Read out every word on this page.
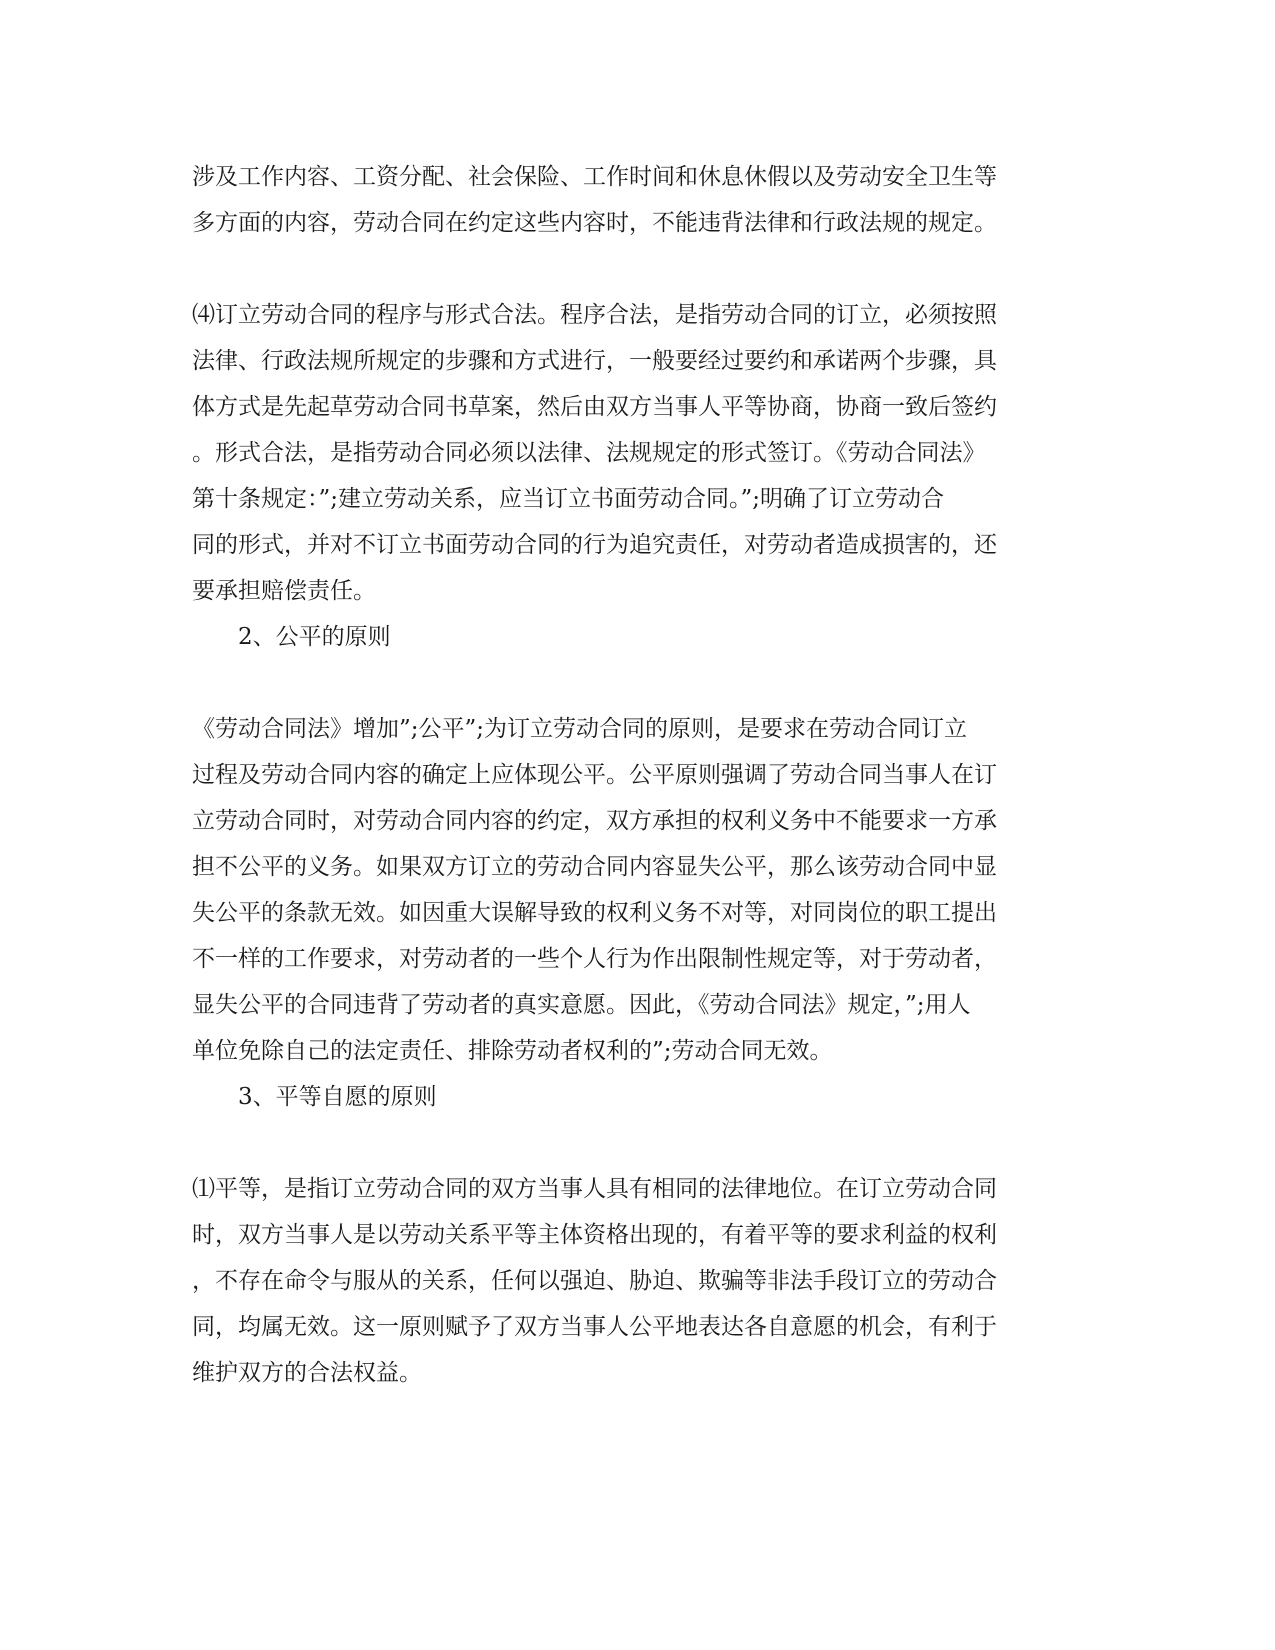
涉及工作内容、工资分配、社会保险、工作时间和休息休假以及劳动安全卫生等
多方面的内容，劳动合同在约定这些内容时，不能违背法律和行政法规的规定。
⑷订立劳动合同的程序与形式合法。程序合法，是指劳动合同的订立，必须按照
法律、行政法规所规定的步骤和方式进行，一般要经过要约和承诺两个步骤，具
体方式是先起草劳动合同书草案，然后由双方当事人平等协商，协商一致后签约
。形式合法，是指劳动合同必须以法律、法规规定的形式签订。《劳动合同法》
第十条规定：”;建立劳动关系，应当订立书面劳动合同。”;明确了订立劳动合
同的形式，并对不订立书面劳动合同的行为追究责任，对劳动者造成损害的，还
要承担赔偿责任。
2、公平的原则
《劳动合同法》增加”;公平”;为订立劳动合同的原则，是要求在劳动合同订立
过程及劳动合同内容的确定上应体现公平。公平原则强调了劳动合同当事人在订
立劳动合同时，对劳动合同内容的约定，双方承担的权利义务中不能要求一方承
担不公平的义务。如果双方订立的劳动合同内容显失公平，那么该劳动合同中显
失公平的条款无效。如因重大误解导致的权利义务不对等，对同岗位的职工提出
不一样的工作要求，对劳动者的一些个人行为作出限制性规定等，对于劳动者，
显失公平的合同违背了劳动者的真实意愿。因此，《劳动合同法》规定，”;用人
单位免除自己的法定责任、排除劳动者权利的”;劳动合同无效。
3、平等自愿的原则
⑴平等，是指订立劳动合同的双方当事人具有相同的法律地位。在订立劳动合同
时，双方当事人是以劳动关系平等主体资格出现的，有着平等的要求利益的权利
，不存在命令与服从的关系，任何以强迫、胁迫、欺骗等非法手段订立的劳动合
同，均属无效。这一原则赋予了双方当事人公平地表达各自意愿的机会，有利于
维护双方的合法权益。
